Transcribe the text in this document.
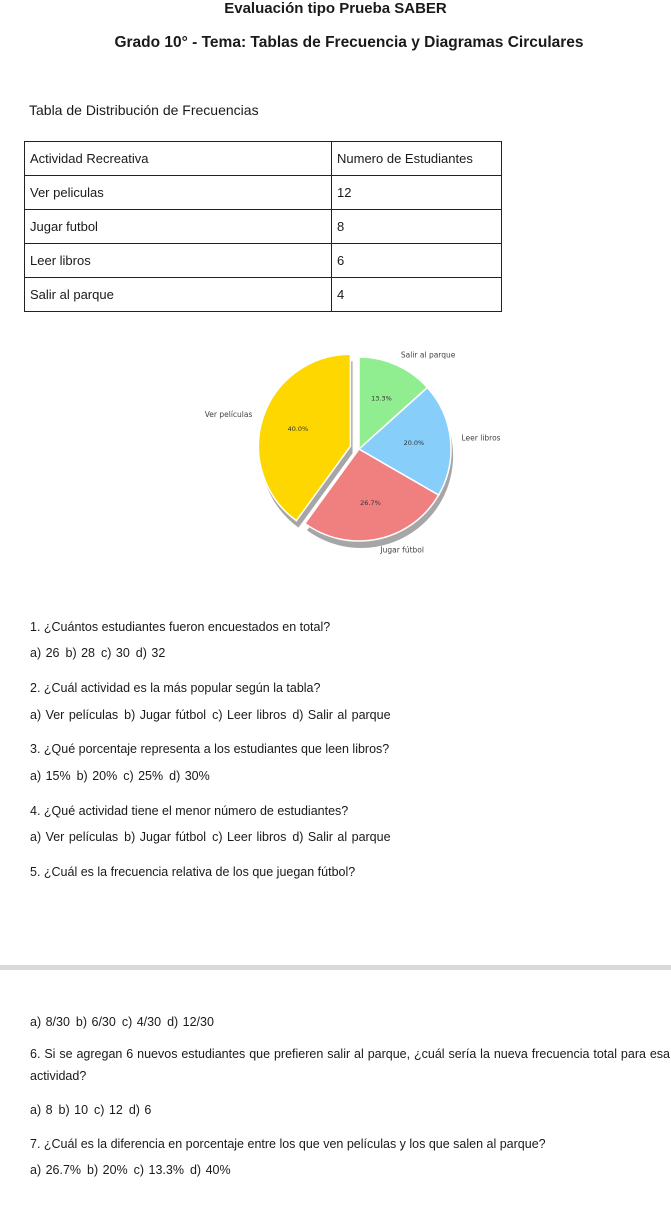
Evaluación tipo Prueba SABER
Grado 10° - Tema: Tablas de Frecuencia y Diagramas Circulares
Tabla de Distribución de Frecuencias
Actividad Recreativa	Numero de Estudiantes
Ver peliculas	12
Jugar futbol	8
Leer libros	6
Salir al parque	4
40.0%
Ver películas
26.7%
Jugar fútbol
20.0%
Leer libros
13.3%
Salir al parque
1. ¿Cuántos estudiantes fueron encuestados en total?
a) 26 b) 28 c) 30 d) 32
2. ¿Cuál actividad es la más popular según la tabla?
a) Ver películas b) Jugar fútbol c) Leer libros d) Salir al parque
3. ¿Qué porcentaje representa a los estudiantes que leen libros?
a) 15% b) 20% c) 25% d) 30%
4. ¿Qué actividad tiene el menor número de estudiantes?
a) Ver películas b) Jugar fútbol c) Leer libros d) Salir al parque
5. ¿Cuál es la frecuencia relativa de los que juegan fútbol?
a) 8/30 b) 6/30 c) 4/30 d) 12/30
6. Si se agregan 6 nuevos estudiantes que prefieren salir al parque, ¿cuál sería la nueva frecuencia total para esa actividad?
a) 8 b) 10 c) 12 d) 6
7. ¿Cuál es la diferencia en porcentaje entre los que ven películas y los que salen al parque?
a) 26.7% b) 20% c) 13.3% d) 40%
